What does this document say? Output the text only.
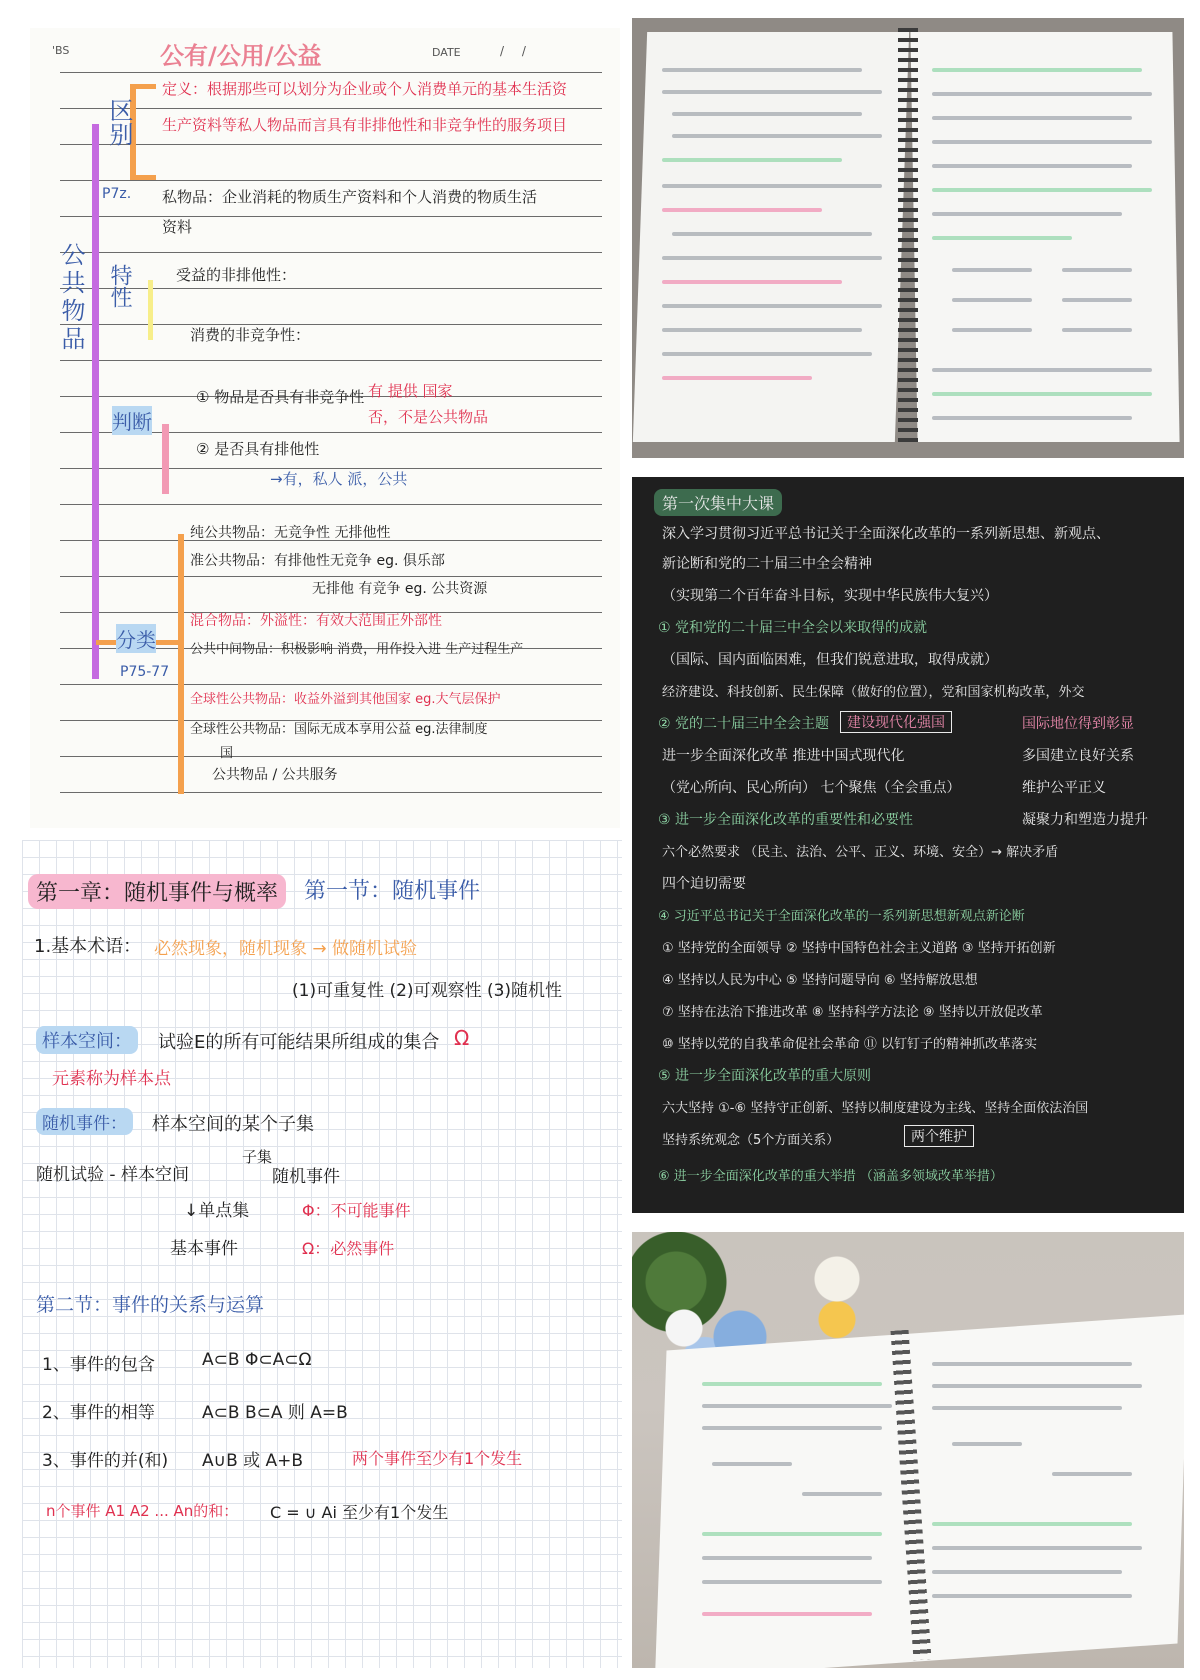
'BS	公有/公用/公益	DATE	/ /
区别
公共物品 特性
判断
分类
P7z.
P75-77
定义：根据那些可以划分为企业或个人消费单元的基本生活资
生产资料等私人物品而言具有非排他性和非竞争性的服务项目
私物品：企业消耗的物质生产资料和个人消费的物质生活
资料
受益的非排他性：
消费的非竞争性：
① 物品是否具有非竞争性 有 提供 国家
否，不是公共物品
② 是否具有排他性
→有，私人 派，公共
纯公共物品：无竞争性 无排他性
准公共物品：有排他性无竞争 eg. 俱乐部
无排他 有竞争 eg. 公共资源
混合物品：外溢性：有效大范围正外部性
公共中间物品：积极影响 消费，用作投入进 生产过程生产
全球性公共物品：收益外溢到其他国家 eg.大气层保护
全球性公共物品：国际无成本享用公益 eg.法律制度
国
公共物品 / 公共服务
第一章：随机事件与概率	第一节：随机事件
1.基本术语： 必然现象，随机现象 → 做随机试验
(1)可重复性 (2)可观察性 (3)随机性
样本空间：	试验E的所有可能结果所组成的集合 Ω
元素称为样本点
随机事件：	样本空间的某个子集
随机试验 - 样本空间
子集
随机事件
↓单点集
基本事件
Φ：不可能事件
Ω：必然事件
第二节：事件的关系与运算
1、事件的包含	A⊂B Φ⊂A⊂Ω
2、事件的相等	A⊂B B⊂A 则 A=B
3、事件的并(和) A∪B 或 A+B	两个事件至少有1个发生
n个事件 A1 A2 ... An的和： C = ∪ Ai 至少有1个发生
第一次集中大课
深入学习贯彻习近平总书记关于全面深化改革的一系列新思想、新观点、
新论断和党的二十届三中全会精神
（实现第二个百年奋斗目标，实现中华民族伟大复兴）
① 党和党的二十届三中全会以来取得的成就
（国际、国内面临困难，但我们锐意进取，取得成就）
经济建设、科技创新、民生保障（做好的位置），党和国家机构改革，外交
② 党的二十届三中全会主题	建设现代化强国	国际地位得到彰显
进一步全面深化改革 推进中国式现代化	多国建立良好关系
（党心所向、民心所向） 七个聚焦（全会重点）	维护公平正义
③ 进一步全面深化改革的重要性和必要性	凝聚力和塑造力提升
六个必然要求 （民主、法治、公平、正义、环境、安全）→ 解决矛盾
四个迫切需要
④ 习近平总书记关于全面深化改革的一系列新思想新观点新论断
① 坚持党的全面领导 ② 坚持中国特色社会主义道路 ③ 坚持开拓创新
④ 坚持以人民为中心 ⑤ 坚持问题导向 ⑥ 坚持解放思想
⑦ 坚持在法治下推进改革 ⑧ 坚持科学方法论 ⑨ 坚持以开放促改革
⑩ 坚持以党的自我革命促社会革命 ⑪ 以钉钉子的精神抓改革落实
⑤ 进一步全面深化改革的重大原则
六大坚持 ①-⑥ 坚持守正创新、坚持以制度建设为主线、坚持全面依法治国
坚持系统观念（5个方面关系）	两个维护
⑥ 进一步全面深化改革的重大举措 （涵盖多领域改革举措）
